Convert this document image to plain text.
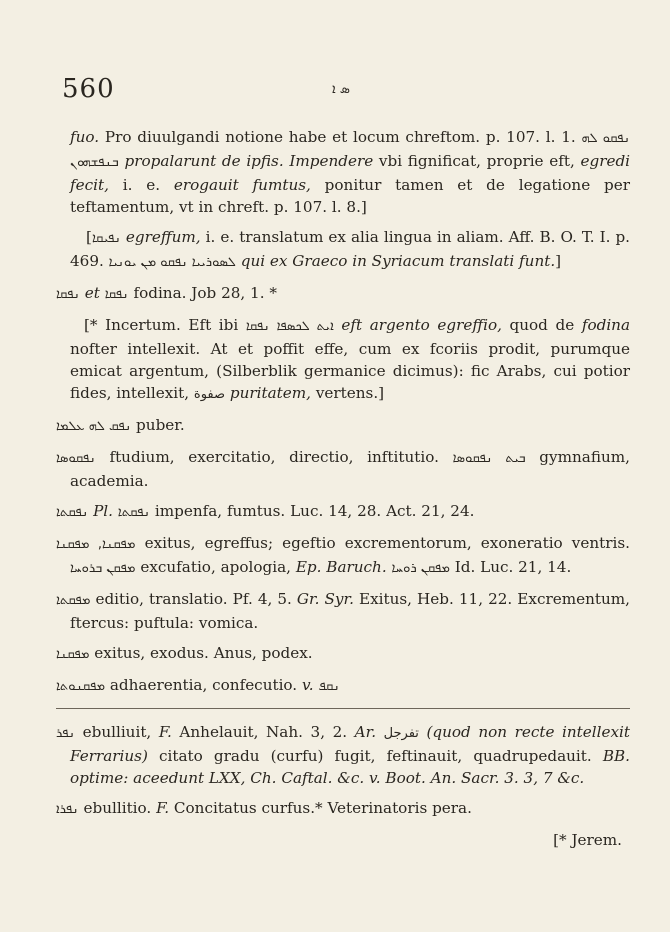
560	ܣ ܐ

fuo. Pro diuulgandi notione habe et locum chreftom. p. 107. l. 1. ܢܦܩܘ ܠܗ ܒܢܦܫܗܘܢ propalarunt de ipfis. Impendere vbi fignificat, proprie eft, egredi fecit, i. e. erogauit fumtus, ponitur tamen et de legatione per teftamentum, vt in chreft. p. 107. l. 8.]

[ܢܦܝܩܐ egreffum, i. e. translatum ex alia lingua in aliam. Aff. B. O. T. I. p. 469. ܠܣܘܪܝܝܐ ܢܦܩܘ ܡܢ ܝܘܢܝܐ qui ex Graeco in Syriacum translati funt.]

ܢܦܩܐ et ܢܦܩܐ fodina. Job 28, 1. *

[* Incertum. Eft ibi ܐܝܬ ܠܟܣܦܐ ܢܦܩܐ eft argento egreffio, quod de fodina nofter intellexit. At et poffit effe, cum ex fcoriis prodit, purumque emicat argentum, (Silberblik germanice dicimus): fic Arabs, cui potior fides, intellexit, صفوة puritatem, vertens.]

ܢܦܩ ܠܗ ܥܠܡܐ puber.

ܢܦܩܘܣܐ ftudium, exercitatio, directio, inftitutio. ܒܝܬ ܢܦܩܘܣܐ gymnafium, academia.

ܢܦܩܬܐ Pl. ܢܦܩܬܐ impenfa, fumtus. Luc. 14, 28. Act. 21, 24.

ܡܦܩܢܐ, ܡܦܩܢܐ exitus, egreffus; egeftio excrementorum, exoneratio ventris. ܡܦܩܢ ܒܪܘܚܐ excufatio, apologia, Ep. Baruch. ܡܦܩܢ ܪܘܚܐ Id. Luc. 21, 14.

ܡܦܩܬܐ editio, translatio. Pf. 4, 5. Gr. Syr. Exitus, Heb. 11, 22. Excrementum, ftercus: puftula: vomica.

ܡܦܩܢܐ exitus, exodus. Anus, podex.

ܡܦܩܢܘܬܐ adhaerentia, confecutio. v. ܢܩܦ

ܢܦܪ ebulliuit, F. Anhelauit, Nah. 3, 2. Ar. تفرجل (quod non recte intellexit Ferrarius) citato gradu (curfu) fugit, feftinauit, quadrupedauit. BB. optime: aceedunt LXX, Ch. Caftal. &c. v. Boot. An. Sacr. 3. 3, 7 &c.

ܢܦܪܐ ebullitio. F. Concitatus curfus.* Veterinatoris pera.

[* Jerem.
